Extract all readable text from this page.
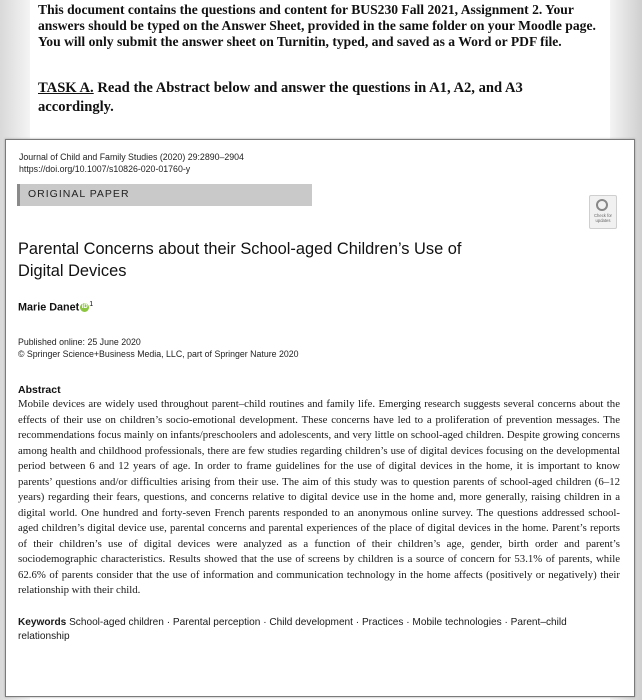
This document contains the questions and content for BUS230 Fall 2021, Assignment 2. Your answers should be typed on the Answer Sheet, provided in the same folder on your Moodle page. You will only submit the answer sheet on Turnitin, typed, and saved as a Word or PDF file.
TASK A. Read the Abstract below and answer the questions in A1, A2, and A3 accordingly.
Journal of Child and Family Studies (2020) 29:2890–2904
https://doi.org/10.1007/s10826-020-01760-y
ORIGINAL PAPER
Check for updates
Parental Concerns about their School-aged Children’s Use of Digital Devices
Marie Danet iD $^1$
Published online: 25 June 2020
© Springer Science+Business Media, LLC, part of Springer Nature 2020
Abstract
Mobile devices are widely used throughout parent–child routines and family life. Emerging research suggests several concerns about the effects of their use on children’s socio-emotional development. These concerns have led to a proliferation of prevention messages. The recommendations focus mainly on infants/preschoolers and adolescents, and very little on school-aged children. Despite growing concerns among health and childhood professionals, there are few studies regarding children’s use of digital devices focusing on the developmental period between 6 and 12 years of age. In order to frame guidelines for the use of digital devices in the home, it is important to know parents’ questions and/or difficulties arising from their use. The aim of this study was to question parents of school-aged children (6–12 years) regarding their fears, questions, and concerns relative to digital device use in the home and, more generally, raising children in a digital world. One hundred and forty-seven French parents responded to an anonymous online survey. The questions addressed school-aged children’s digital device use, parental concerns and parental experiences of the place of digital devices in the home. Parent’s reports of their children’s use of digital devices were analyzed as a function of their children’s age, gender, birth order and parent’s sociodemographic characteristics. Results showed that the use of screens by children is a source of concern for 53.1% of parents, while 62.6% of parents consider that the use of information and communication technology in the home affects (positively or negatively) their relationship with their child.
Keywords School-aged children · Parental perception · Child development · Practices · Mobile technologies · Parent–child relationship
